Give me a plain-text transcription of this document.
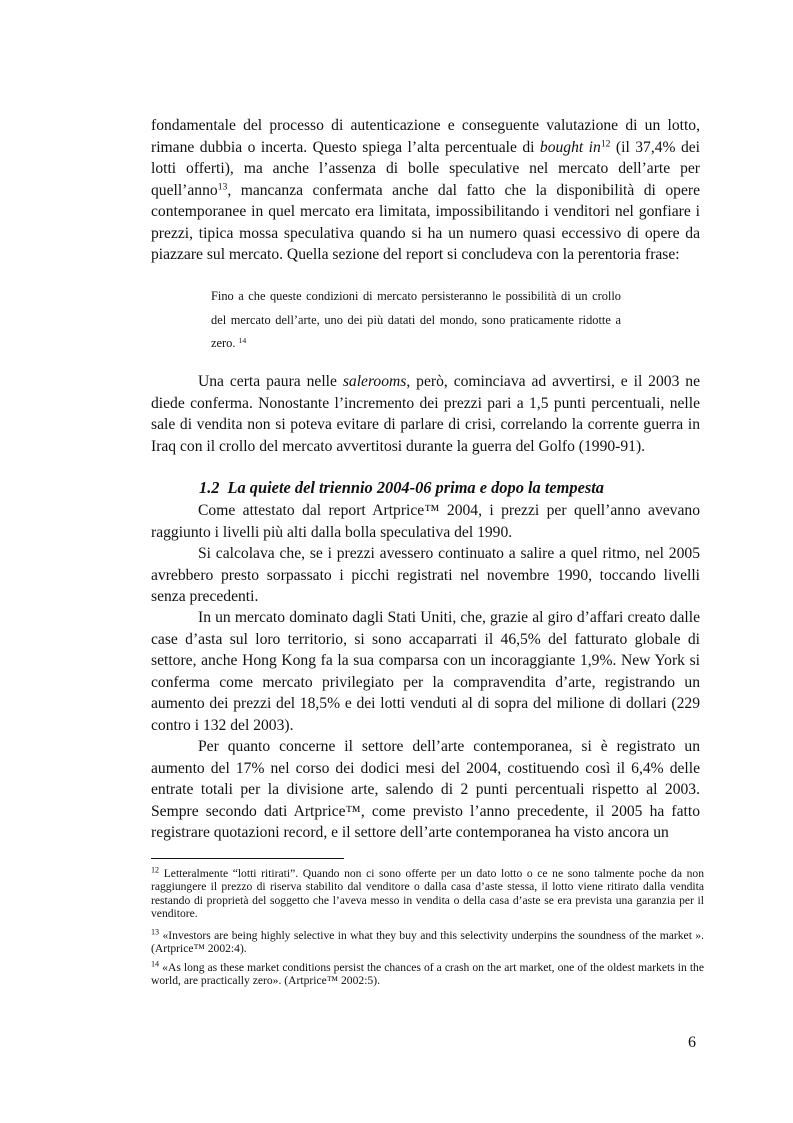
fondamentale del processo di autenticazione e conseguente valutazione di un lotto, rimane dubbia o incerta. Questo spiega l’alta percentuale di bought $in^{12}$ (il 37,4% dei lotti offerti), ma anche l’assenza di bolle speculative nel mercato dell’arte per quell’anno$^{13}$, mancanza confermata anche dal fatto che la disponibilità di opere contemporanee in quel mercato era limitata, impossibilitando i venditori nel gonfiare i prezzi, tipica mossa speculativa quando si ha un numero quasi eccessivo di opere da piazzare sul mercato. Quella sezione del report si concludeva con la perentoria frase:

Fino a che queste condizioni di mercato persisteranno le possibilità di un crollo del mercato dell’arte, uno dei più datati del mondo, sono praticamente ridotte a zero. $^{14}$

Una certa paura nelle salerooms, però, cominciava ad avvertirsi, e il 2003 ne diede conferma. Nonostante l’incremento dei prezzi pari a 1,5 punti percentuali, nelle sale di vendita non si poteva evitare di parlare di crisi, correlando la corrente guerra in Iraq con il crollo del mercato avvertitosi durante la guerra del Golfo (1990-91).

1.2 La quiete del triennio 2004-06 prima e dopo la tempesta

Come attestato dal report Artprice™ 2004, i prezzi per quell’anno avevano raggiunto i livelli più alti dalla bolla speculativa del 1990.

Si calcolava che, se i prezzi avessero continuato a salire a quel ritmo, nel 2005 avrebbero presto sorpassato i picchi registrati nel novembre 1990, toccando livelli senza precedenti.

In un mercato dominato dagli Stati Uniti, che, grazie al giro d’affari creato dalle case d’asta sul loro territorio, si sono accaparrati il 46,5% del fatturato globale di settore, anche Hong Kong fa la sua comparsa con un incoraggiante 1,9%. New York si conferma come mercato privilegiato per la compravendita d’arte, registrando un aumento dei prezzi del 18,5% e dei lotti venduti al di sopra del milione di dollari (229 contro i 132 del 2003).

Per quanto concerne il settore dell’arte contemporanea, si è registrato un aumento del 17% nel corso dei dodici mesi del 2004, costituendo così il 6,4% delle entrate totali per la divisione arte, salendo di 2 punti percentuali rispetto al 2003. Sempre secondo dati Artprice™, come previsto l’anno precedente, il 2005 ha fatto registrare quotazioni record, e il settore dell’arte contemporanea ha visto ancora un

$^{12}$ Letteralmente “lotti ritirati”. Quando non ci sono offerte per un dato lotto o ce ne sono talmente poche da non raggiungere il prezzo di riserva stabilito dal venditore o dalla casa d’aste stessa, il lotto viene ritirato dalla vendita restando di proprietà del soggetto che l’aveva messo in vendita o della casa d’aste se era prevista una garanzia per il venditore.

$^{13}$ «Investors are being highly selective in what they buy and this selectivity underpins the soundness of the market ». (Artprice™ 2002:4).

$^{14}$ «As long as these market conditions persist the chances of a crash on the art market, one of the oldest markets in the world, are practically zero». (Artprice™ 2002:5).

6
